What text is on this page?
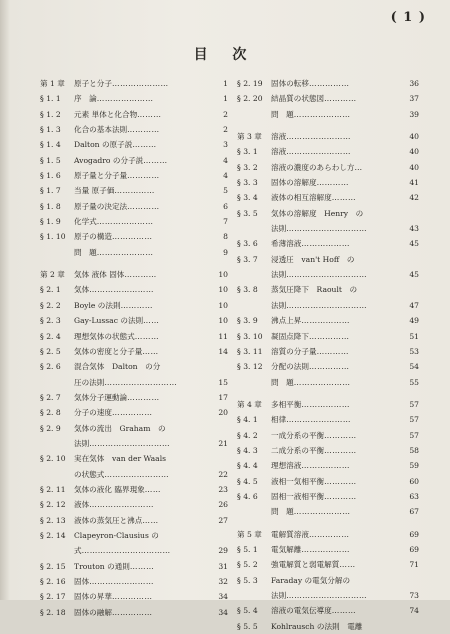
( 1 )
目 次
第 1 章 原子と分子…………………	1
§ 1. 1 序　論…………………	1
§ 1. 2 元素 単体と化合物………	2
§ 1. 3 化合の基本法則…………	2
§ 1. 4 Dalton の原子説………	3
§ 1. 5 Avogadro の分子説………	4
§ 1. 6 原子量と分子量…………	4
§ 1. 7 当量 原子価……………	5
§ 1. 8 原子量の決定法…………	6
§ 1. 9 化学式…………………	7
§ 1. 10 原子の構造……………	8
問　題…………………	9
第 2 章 気体 液体 固体…………	10
§ 2. 1 気体……………………	10
§ 2. 2 Boyle の法則…………	10
§ 2. 3 Gay-Lussac の法則……	10
§ 2. 4 理想気体の状態式………	11
§ 2. 5 気体の密度と分子量……	14
§ 2. 6 混合気体　Dalton　の分
圧の法則………………………	15
§ 2. 7 気体分子運動論…………	17
§ 2. 8 分子の速度……………	20
§ 2. 9 気体の流出　Graham　の
法則…………………………	21
§ 2. 10 実在気体　van der Waals
の状態式……………………	22
§ 2. 11 気体の液化 臨界現象……	23
§ 2. 12 液体……………………	26
§ 2. 13 液体の蒸気圧と沸点……	27
§ 2. 14 Clapeyron-Clausius の
式……………………………	29
§ 2. 15 Trouton の通則………	31
§ 2. 16 固体……………………	32
§ 2. 17 固体の昇華……………	34
§ 2. 18 固体の融解……………	34
§ 2. 19 固体の転移……………	36
§ 2. 20 結晶質の状態図…………	37
問　題…………………	39
第 3 章 溶液……………………	40
§ 3. 1 溶液……………………	40
§ 3. 2 溶液の濃度のあらわし方…	40
§ 3. 3 固体の溶解度…………	41
§ 3. 4 液体の相互溶解度………	42
§ 3. 5 気体の溶解度　Henry　の
法則…………………………	43
§ 3. 6 希薄溶液………………	45
§ 3. 7 浸透圧　van't Hoff　の
法則…………………………	45
§ 3. 8 蒸気圧降下　Raoult　の
法則…………………………	47
§ 3. 9 沸点上昇………………	49
§ 3. 10 凝固点降下……………	51
§ 3. 11 溶質の分子量…………	53
§ 3. 12 分配の法則……………	54
問　題…………………	55
第 4 章 多相平衡………………	57
§ 4. 1 相律……………………	57
§ 4. 2 一成分系の平衡…………	57
§ 4. 3 二成分系の平衡…………	58
§ 4. 4 理想溶液………………	59
§ 4. 5 液相一気相平衡…………	60
§ 4. 6 固相一液相平衡…………	63
問　題…………………	67
第 5 章 電解質溶液……………	69
§ 5. 1 電気解離………………	69
§ 5. 2 強電解質と弱電解質……	71
§ 5. 3 Faraday の電気分解の
法則…………………………	73
§ 5. 4 溶液の電気伝導度………	74
§ 5. 5 Kohlrausch の法則　電離
